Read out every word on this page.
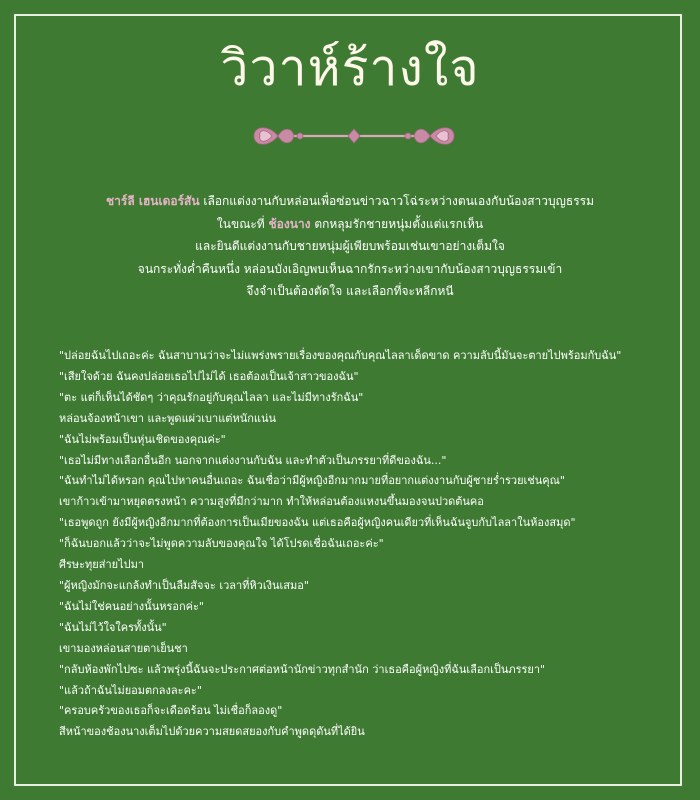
วิวาห์ร้างใจ

ชาร์ลี เฮนเดอร์สัน เลือกแต่งงานกับหล่อนเพื่อซ่อนข่าวฉาวโฉ่ระหว่างตนเองกับน้องสาวบุญธรรม

ในขณะที่ ช้องนาง ตกหลุมรักชายหนุ่มตั้งแต่แรกเห็น

และยินดีแต่งงานกับชายหนุ่มผู้เพียบพร้อมเช่นเขาอย่างเต็มใจ

จนกระทั่งค่ำคืนหนึ่ง หล่อนบังเอิญพบเห็นฉากรักระหว่างเขากับน้องสาวบุญธรรมเข้า

จึงจำเป็นต้องตัดใจ และเลือกที่จะหลีกหนี

"ปล่อยฉันไปเถอะค่ะ ฉันสาบานว่าจะไม่แพร่งพรายเรื่องของคุณกับคุณไลลาเด็ดขาด ความลับนี้มันจะตายไปพร้อมกับฉัน"

"เสียใจด้วย ฉันคงปล่อยเธอไปไม่ได้ เธอต้องเป็นเจ้าสาวของฉัน"

"ตะ แต่ก็เห็นได้ชัดๆ ว่าคุณรักอยู่กับคุณไลลา และไม่มีทางรักฉัน"

หล่อนจ้องหน้าเขา และพูดแผ่วเบาแต่หนักแน่น

"ฉันไม่พร้อมเป็นหุ่นเชิดของคุณค่ะ"

"เธอไม่มีทางเลือกอื่นอีก นอกจากแต่งงานกับฉัน และทำตัวเป็นภรรยาที่ดีของฉัน..."

"ฉันทำไม่ได้หรอก คุณไปหาคนอื่นเถอะ ฉันเชื่อว่ามีผู้หญิงอีกมากมายที่อยากแต่งงานกับผู้ชายร่ำรวยเช่นคุณ"

เขาก้าวเข้ามาหยุดตรงหน้า ความสูงที่มีกว่ามาก ทำให้หล่อนต้องแหงนขึ้นมองจนปวดต้นคอ

"เธอพูดถูก ยังมีผู้หญิงอีกมากที่ต้องการเป็นเมียของฉัน แต่เธอคือผู้หญิงคนเดียวที่เห็นฉันจูบกับไลลาในห้องสมุด"

"ก็ฉันบอกแล้วว่าจะไม่พูดความลับของคุณใจ ได้โปรดเชื่อฉันเถอะค่ะ"

ศีรษะทุยส่ายไปมา

"ผู้หญิงมักจะแกล้งทำเป็นลืมสัจจะ เวลาที่หิวเงินเสมอ"

"ฉันไม่ใช่คนอย่างนั้นหรอกค่ะ"

"ฉันไม่ไว้ใจใครทั้งนั้น"

เขามองหล่อนสายตาเย็นชา

"กลับห้องพักไปซะ แล้วพรุ่งนี้ฉันจะประกาศต่อหน้านักข่าวทุกสำนัก ว่าเธอคือผู้หญิงที่ฉันเลือกเป็นภรรยา"

"แล้วถ้าฉันไม่ยอมตกลงละคะ"

"ครอบครัวของเธอก็จะเดือดร้อน ไม่เชื่อก็ลองดู"

สีหน้าของช้องนางเต็มไปด้วยความสยดสยองกับคำพูดดุดันที่ได้ยิน
